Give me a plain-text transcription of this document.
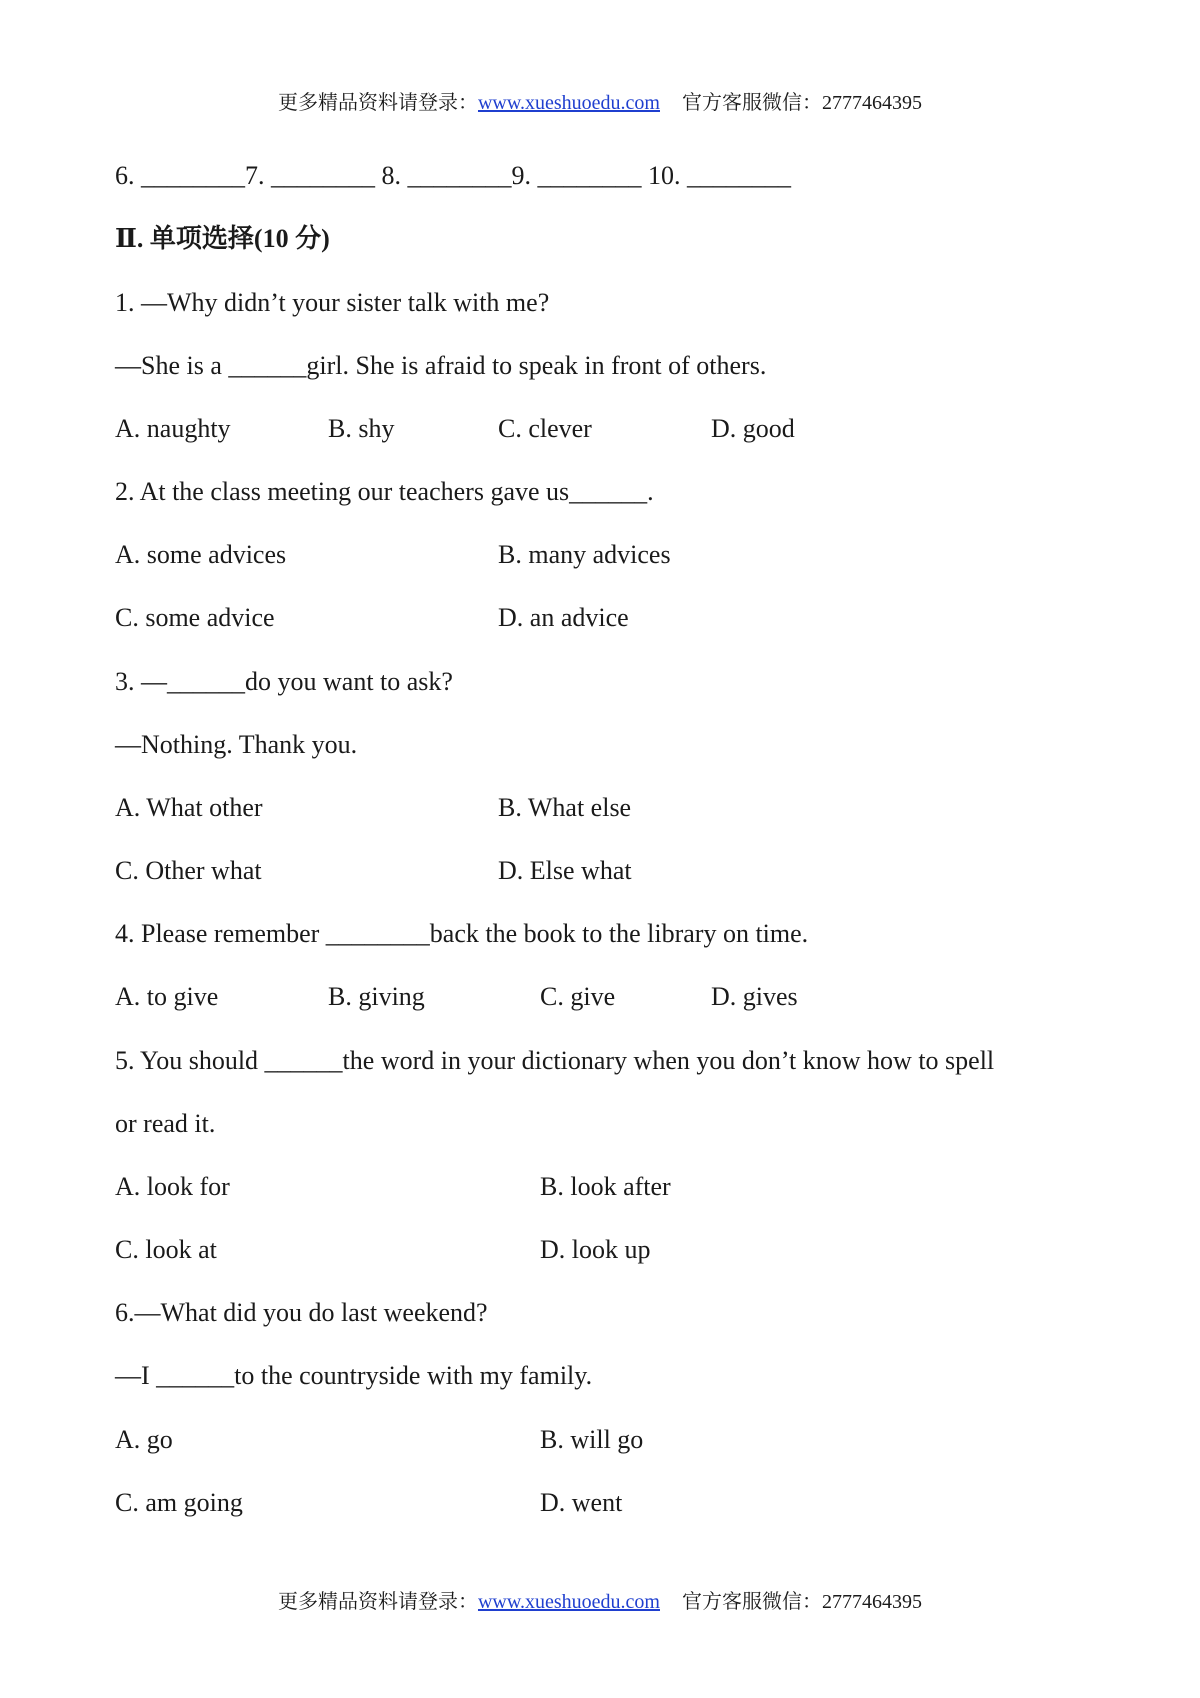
更多精品资料请登录：www.xueshuoedu.com 官方客服微信：2777464395
6. ________7. ________ 8. ________9. ________ 10. ________
Ⅱ. 单项选择(10 分)
1. —Why didn’t your sister talk with me?
—She is a ______girl. She is afraid to speak in front of others.
A. naughty	B. shy	C. clever	D. good
2. At the class meeting our teachers gave us______.
A. some advices	B. many advices
C. some advice	D. an advice
3. —______do you want to ask?
—Nothing. Thank you.
A. What other	B. What else
C. Other what	D. Else what
4. Please remember ________back the book to the library on time.
A. to give	B. giving	C. give	D. gives
5. You should ______the word in your dictionary when you don’t know how to spell
or read it.
A. look for	B. look after
C. look at	D. look up
6.—What did you do last weekend?
—I ______to the countryside with my family.
A. go	B. will go
C. am going	D. went
更多精品资料请登录：www.xueshuoedu.com 官方客服微信：2777464395
